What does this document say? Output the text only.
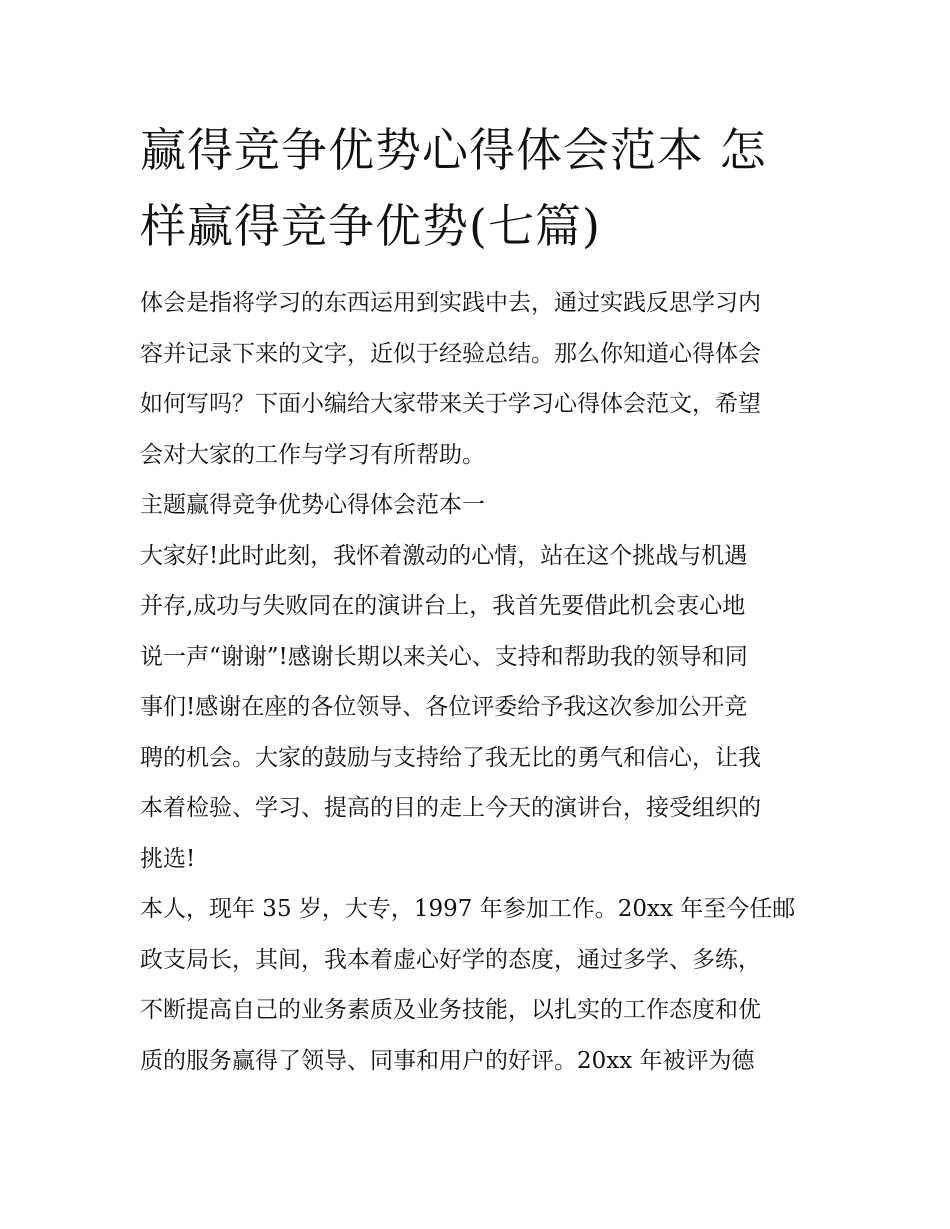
赢得竞争优势心得体会范本 怎
样赢得竞争优势(七篇)
体会是指将学习的东西运用到实践中去，通过实践反思学习内
容并记录下来的文字，近似于经验总结。那么你知道心得体会
如何写吗？下面小编给大家带来关于学习心得体会范文，希望
会对大家的工作与学习有所帮助。
主题赢得竞争优势心得体会范本一
大家好!此时此刻，我怀着激动的心情，站在这个挑战与机遇
并存,成功与失败同在的演讲台上，我首先要借此机会衷心地
说一声“谢谢”!感谢长期以来关心、支持和帮助我的领导和同
事们!感谢在座的各位领导、各位评委给予我这次参加公开竞
聘的机会。大家的鼓励与支持给了我无比的勇气和信心，让我
本着检验、学习、提高的目的走上今天的演讲台，接受组织的
挑选!
本人，现年 35 岁，大专，1997 年参加工作。20xx 年至今任邮
政支局长，其间，我本着虚心好学的态度，通过多学、多练，
不断提高自己的业务素质及业务技能，以扎实的工作态度和优
质的服务赢得了领导、同事和用户的好评。20xx 年被评为德
